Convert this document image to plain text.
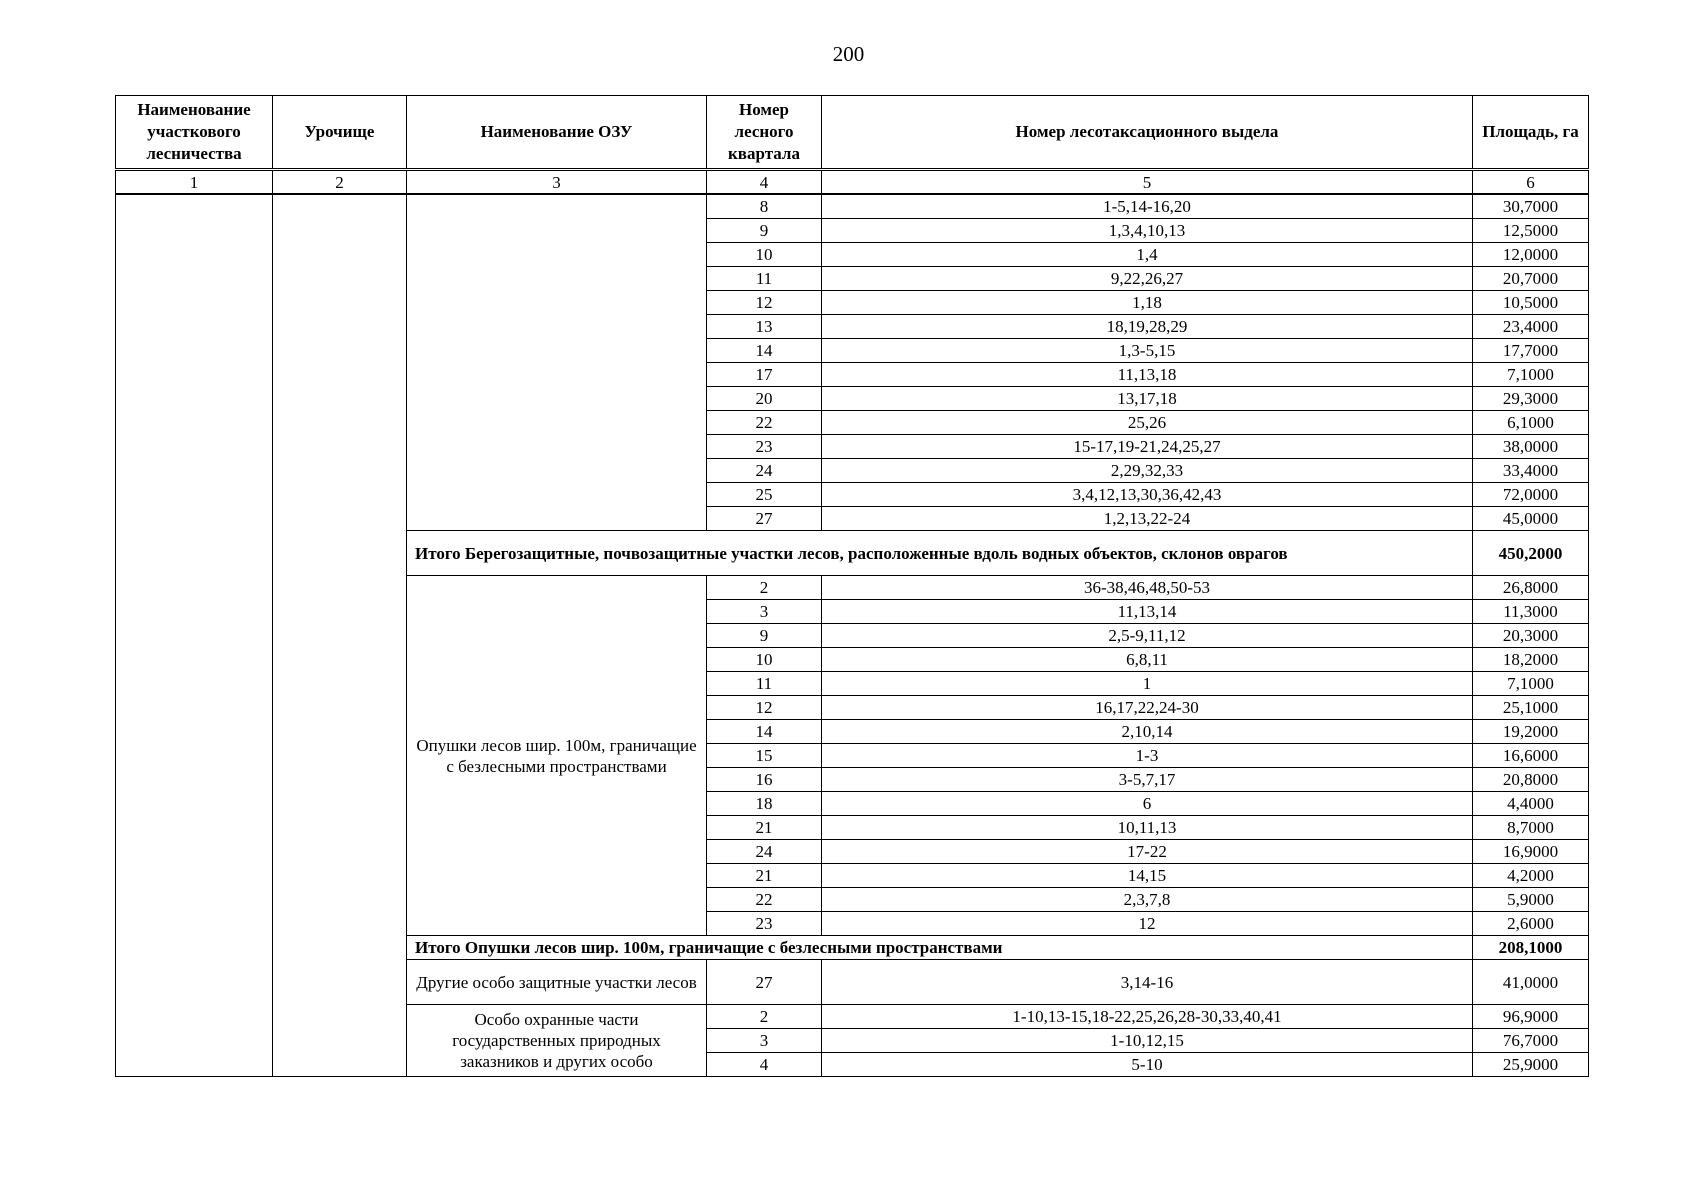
200
Наименование участкового лесничества	Урочище	Наименование ОЗУ	Номер лесного квартала	Номер лесотаксационного выдела	Площадь, га
1	2	3	4	5	6
			8	1-5,14-16,20	30,7000
			9	1,3,4,10,13	12,5000
			10	1,4	12,0000
			11	9,22,26,27	20,7000
			12	1,18	10,5000
			13	18,19,28,29	23,4000
			14	1,3-5,15	17,7000
			17	11,13,18	7,1000
			20	13,17,18	29,3000
			22	25,26	6,1000
			23	15-17,19-21,24,25,27	38,0000
			24	2,29,32,33	33,4000
			25	3,4,12,13,30,36,42,43	72,0000
			27	1,2,13,22-24	45,0000
		Итого Берегозащитные, почвозащитные участки лесов, расположенные вдоль водных объектов, склонов оврагов			450,2000
		Опушки лесов шир. 100м, граничащие с безлесными пространствами	2	36-38,46,48,50-53	26,8000
			3	11,13,14	11,3000
			9	2,5-9,11,12	20,3000
			10	6,8,11	18,2000
			11	1	7,1000
			12	16,17,22,24-30	25,1000
			14	2,10,14	19,2000
			15	1-3	16,6000
			16	3-5,7,17	20,8000
			18	6	4,4000
			21	10,11,13	8,7000
			24	17-22	16,9000
			21	14,15	4,2000
			22	2,3,7,8	5,9000
			23	12	2,6000
		Итого Опушки лесов шир. 100м, граничащие с безлесными пространствами			208,1000
		Другие особо защитные участки лесов	27	3,14-16	41,0000
		Особо охранные части государственных природных заказников и других особо	2	1-10,13-15,18-22,25,26,28-30,33,40,41	96,9000
			3	1-10,12,15	76,7000
			4	5-10	25,9000
